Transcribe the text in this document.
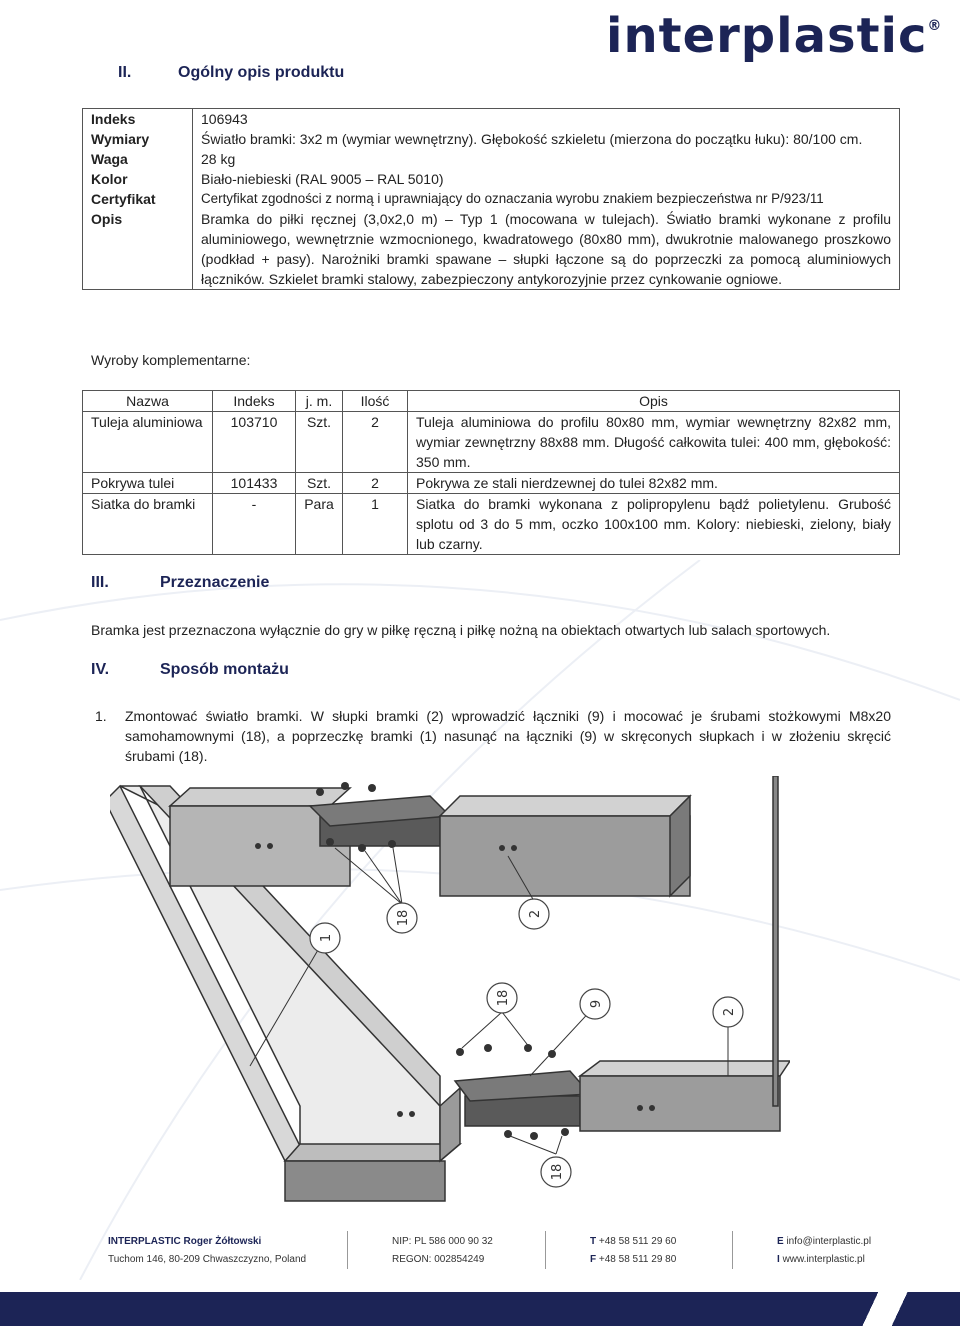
interplastic®
II.	Ogólny opis produktu
Indeks	106943
Wymiary	Światło bramki: 3x2 m (wymiar wewnętrzny). Głębokość szkieletu (mierzona do początku łuku): 80/100 cm.
Waga	28 kg
Kolor	Biało-niebieski (RAL 9005 – RAL 5010)
Certyfikat	Certyfikat zgodności z normą i uprawniający do oznaczania wyrobu znakiem bezpieczeństwa nr P/923/11
Opis	Bramka do piłki ręcznej (3,0x2,0 m) – Typ 1 (mocowana w tulejach). Światło bramki wykonane z profilu aluminiowego, wewnętrznie wzmocnionego, kwadratowego (80x80 mm), dwukrotnie malowanego proszkowo (podkład + pasy). Narożniki bramki spawane – słupki łączone są do poprzeczki za pomocą aluminiowych łączników. Szkielet bramki stalowy, zabezpieczony antykorozyjnie przez cynkowanie ogniowe.
Wyroby komplementarne:
Nazwa	Indeks	j. m.	Ilość	Opis
Tuleja aluminiowa	103710	Szt.	2	Tuleja aluminiowa do profilu 80x80 mm, wymiar wewnętrzny 82x82 mm, wymiar zewnętrzny 88x88 mm. Długość całkowita tulei: 400 mm, głębokość: 350 mm.
Pokrywa tulei	101433	Szt.	2	Pokrywa ze stali nierdzewnej do tulei 82x82 mm.
Siatka do bramki	-	Para	1	Siatka do bramki wykonana z polipropylenu bądź polietylenu. Grubość splotu od 3 do 5 mm, oczko 100x100 mm. Kolory: niebieski, zielony, biały lub czarny.
III.	Przeznaczenie
Bramka jest przeznaczona wyłącznie do gry w piłkę ręczną i piłkę nożną na obiektach otwartych lub salach sportowych.
IV.	Sposób montażu
1. Zmontować światło bramki. W słupki bramki (2) wprowadzić łączniki (9) i mocować je śrubami stożkowymi M8x20 samohamownymi (18), a poprzeczkę bramki (1) nasunąć na łączniki (9) w skręconych słupkach i w złożeniu skręcić śrubami (18).
1
18	2
18	9
2
18
INTERPLASTIC Roger Żółtowski
Tuchom 146, 80-209 Chwaszczyzno, Poland
NIP: PL 586 000 90 32
REGON: 002854249
T +48 58 511 29 60
F +48 58 511 29 80
E info@interplastic.pl
I www.interplastic.pl
